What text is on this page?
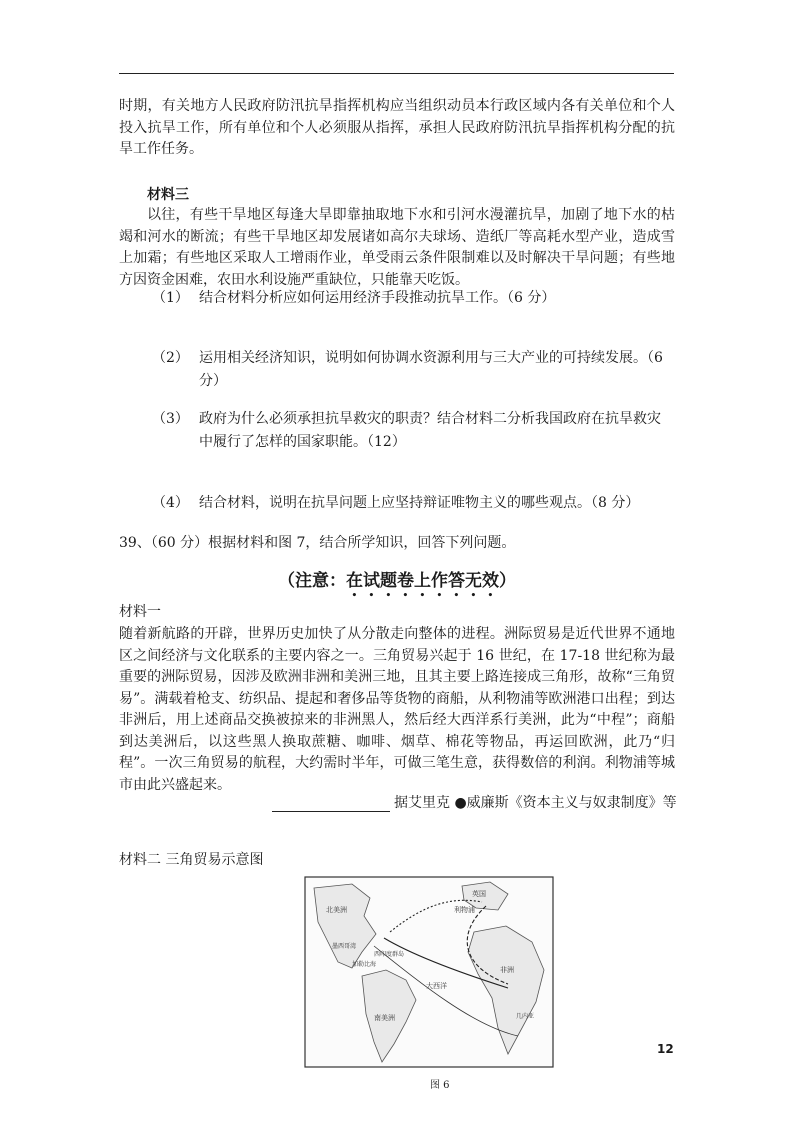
时期，有关地方人民政府防汛抗旱指挥机构应当组织动员本行政区域内各有关单位和个人投入抗旱工作，所有单位和个人必须服从指挥，承担人民政府防汛抗旱指挥机构分配的抗旱工作任务。

材料三

以往，有些干旱地区每逢大旱即靠抽取地下水和引河水漫灌抗旱，加剧了地下水的枯竭和河水的断流；有些干旱地区却发展诸如高尔夫球场、造纸厂等高耗水型产业，造成雪上加霜；有些地区采取人工增雨作业，单受雨云条件限制难以及时解决干旱问题；有些地方因资金困难，农田水利设施严重缺位，只能靠天吃饭。

（1） 结合材料分析应如何运用经济手段推动抗旱工作。（6 分）
（2） 运用相关经济知识，说明如何协调水资源利用与三大产业的可持续发展。（6 分）
（3） 政府为什么必须承担抗旱救灾的职责？结合材料二分析我国政府在抗旱救灾中履行了怎样的国家职能。（12）
（4） 结合材料，说明在抗旱问题上应坚持辩证唯物主义的哪些观点。（8 分）

39、（60 分）根据材料和图 7，结合所学知识，回答下列问题。

（注意：在试题卷上作答无效）

材料一

随着新航路的开辟，世界历史加快了从分散走向整体的进程。洲际贸易是近代世界不通地区之间经济与文化联系的主要内容之一。三角贸易兴起于 16 世纪，在 17-18 世纪称为最重要的洲际贸易，因涉及欧洲非洲和美洲三地，且其主要上路连接成三角形，故称“三角贸易”。满载着枪支、纺织品、提起和奢侈品等货物的商船，从利物浦等欧洲港口出程；到达非洲后，用上述商品交换被掠来的非洲黑人，然后经大西洋系行美洲，此为“中程”；商船到达美洲后，以这些黑人换取蔗糖、咖啡、烟草、棉花等物品，再运回欧洲，此乃“归程”。一次三角贸易的航程，大约需时半年，可做三笔生意，获得数倍的利润。利物浦等城市由此兴盛起来。

据艾里克 ●威廉斯《资本主义与奴隶制度》等

材料二 三角贸易示意图

英国
利物浦
北美洲
非洲
南美洲
大西洋
加勒比海
墨西哥湾
西印度群岛
几内亚
图 6
12
